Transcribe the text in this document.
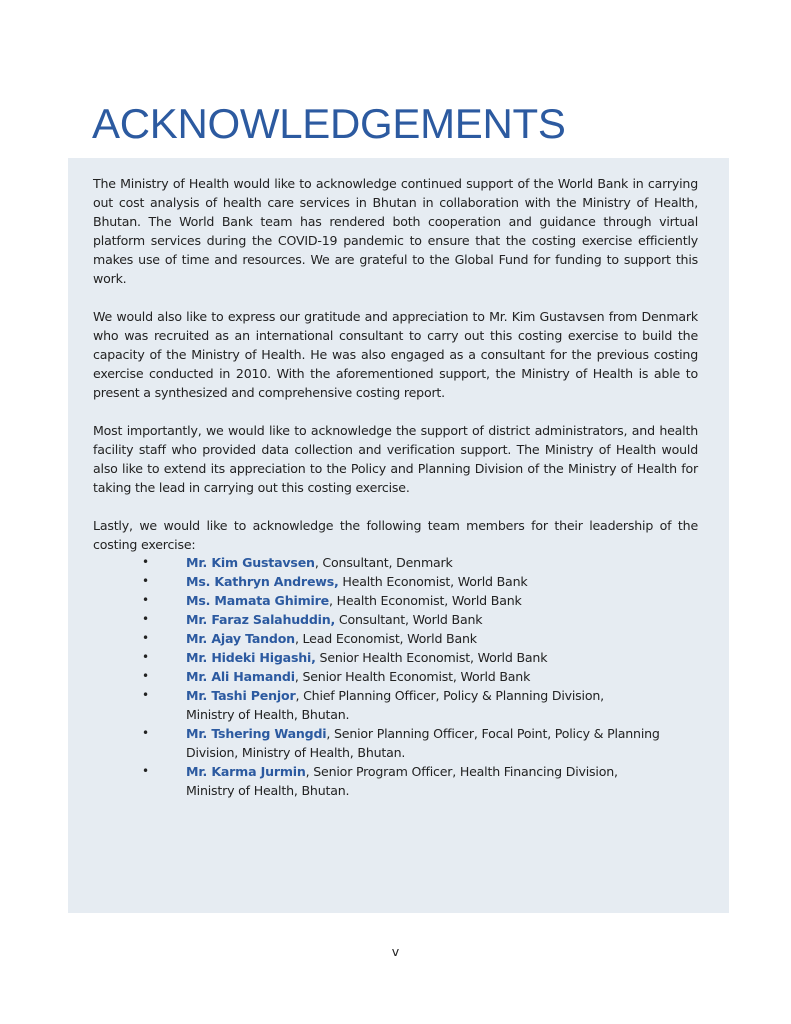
ACKNOWLEDGEMENTS

The Ministry of Health would like to acknowledge continued support of the World Bank in carrying out cost analysis of health care services in Bhutan in collaboration with the Ministry of Health, Bhutan. The World Bank team has rendered both cooperation and guidance through virtual platform services during the COVID-19 pandemic to ensure that the costing exercise efficiently makes use of time and resources. We are grateful to the Global Fund for funding to support this work.

We would also like to express our gratitude and appreciation to Mr. Kim Gustavsen from Denmark who was recruited as an international consultant to carry out this costing exercise to build the capacity of the Ministry of Health. He was also engaged as a consultant for the previous costing exercise conducted in 2010. With the aforementioned support, the Ministry of Health is able to present a synthesized and comprehensive costing report.

Most importantly, we would like to acknowledge the support of district administrators, and health facility staff who provided data collection and verification support. The Ministry of Health would also like to extend its appreciation to the Policy and Planning Division of the Ministry of Health for taking the lead in carrying out this costing exercise.

Lastly, we would like to acknowledge the following team members for their leadership of the costing exercise:

•	Mr. Kim Gustavsen, Consultant, Denmark
•	Ms. Kathryn Andrews, Health Economist, World Bank
•	Ms. Mamata Ghimire, Health Economist, World Bank
•	Mr. Faraz Salahuddin, Consultant, World Bank
•	Mr. Ajay Tandon, Lead Economist, World Bank
•	Mr. Hideki Higashi, Senior Health Economist, World Bank
•	Mr. Ali Hamandi, Senior Health Economist, World Bank
•	Mr. Tashi Penjor, Chief Planning Officer, Policy & Planning Division,
Ministry of Health, Bhutan.
•	Mr. Tshering Wangdi, Senior Planning Officer, Focal Point, Policy & Planning
Division, Ministry of Health, Bhutan.
•	Mr. Karma Jurmin, Senior Program Officer, Health Financing Division,
Ministry of Health, Bhutan.
v
